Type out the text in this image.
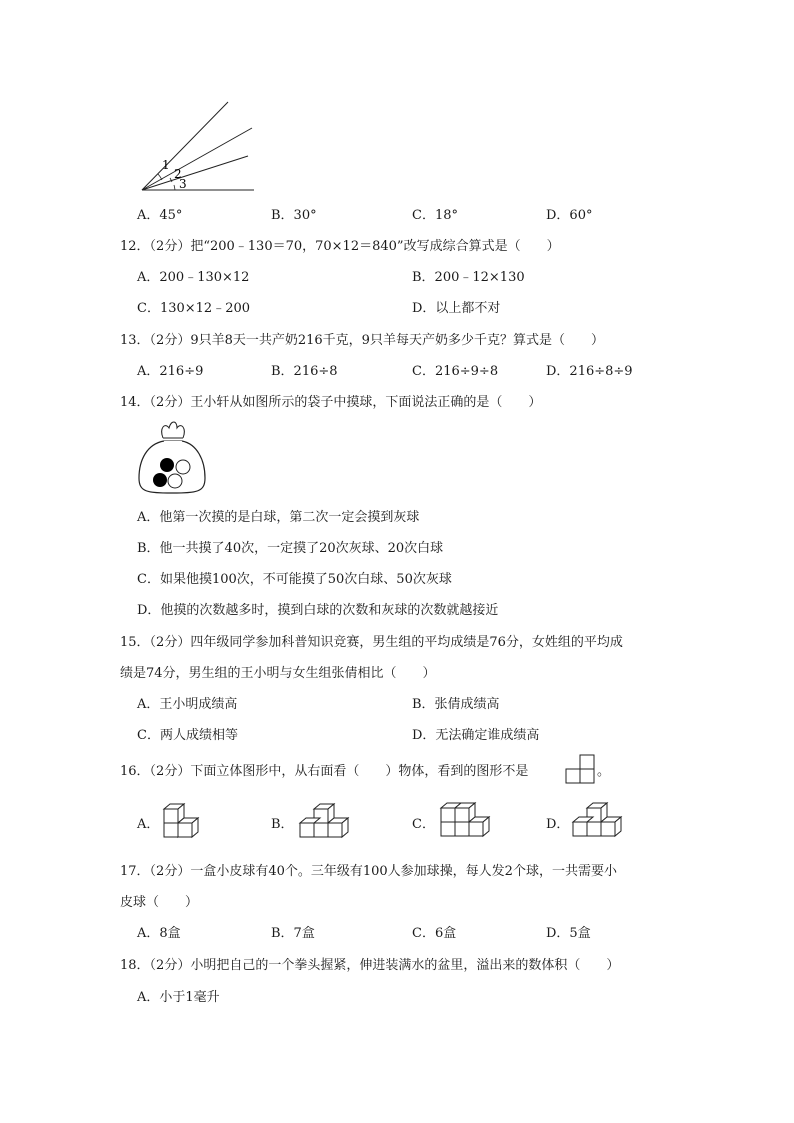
1
2
3
A．45°	B．30°	C．18°	D．60°
12．（2分）把“200﹣130＝70，70×12＝840”改写成综合算式是（　　）
A．200﹣130×12	B．200﹣12×130
C．130×12﹣200	D．以上都不对
13．（2分）9只羊8天一共产奶216千克，9只羊每天产奶多少千克？算式是（　　）
A．216÷9	B．216÷8	C．216÷9÷8	D．216÷8÷9
14．（2分）王小轩从如图所示的袋子中摸球，下面说法正确的是（　　）
A．他第一次摸的是白球，第二次一定会摸到灰球
B．他一共摸了40次，一定摸了20次灰球、20次白球
C．如果他摸100次，不可能摸了50次白球、50次灰球
D．他摸的次数越多时，摸到白球的次数和灰球的次数就越接近
15．（2分）四年级同学参加科普知识竞赛，男生组的平均成绩是76分，女姓组的平均成
绩是74分，男生组的王小明与女生组张倩相比（　　）
A．王小明成绩高	B．张倩成绩高
C．两人成绩相等	D．无法确定谁成绩高
16．（2分）下面立体图形中，从右面看（　　）物体，看到的图形不是	。
A．	B．	C．	D．
17．（2分）一盒小皮球有40个。三年级有100人参加球操，每人发2个球，一共需要小
皮球（　　）
A．8盒	B．7盒	C．6盒	D．5盒
18．（2分）小明把自己的一个拳头握紧，伸进装满水的盆里，溢出来的数体积（　　）
A．小于1毫升
